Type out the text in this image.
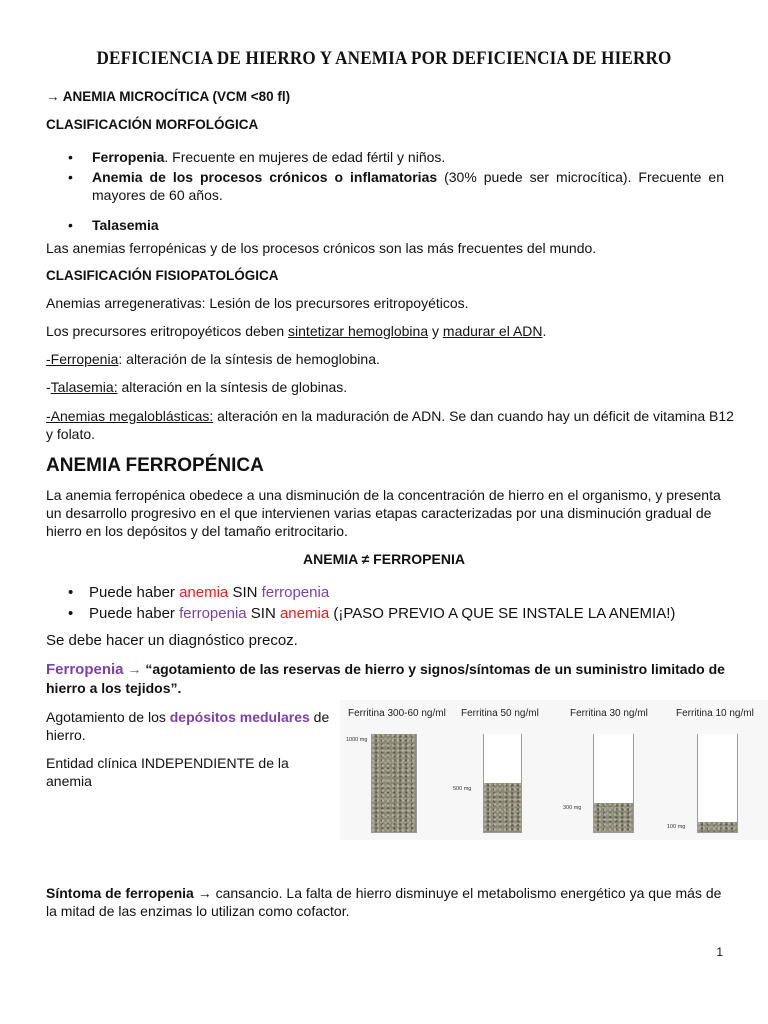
DEFICIENCIA DE HIERRO Y ANEMIA POR DEFICIENCIA DE HIERRO
→ ANEMIA MICROCÍTICA (VCM <80 fl)
CLASIFICACIÓN MORFOLÓGICA
• Ferropenia. Frecuente en mujeres de edad fértil y niños.
• Anemia de los procesos crónicos o inflamatorias (30% puede ser microcítica). Frecuente en mayores de 60 años.
• Talasemia
Las anemias ferropénicas y de los procesos crónicos son las más frecuentes del mundo.
CLASIFICACIÓN FISIOPATOLÓGICA
Anemias arregenerativas: Lesión de los precursores eritropoyéticos.
Los precursores eritropoyéticos deben sintetizar hemoglobina y madurar el ADN.
-Ferropenia: alteración de la síntesis de hemoglobina.
-Talasemia: alteración en la síntesis de globinas.
-Anemias megaloblásticas: alteración en la maduración de ADN. Se dan cuando hay un déficit de vitamina B12 y folato.
ANEMIA FERROPÉNICA
La anemia ferropénica obedece a una disminución de la concentración de hierro en el organismo, y presenta un desarrollo progresivo en el que intervienen varias etapas caracterizadas por una disminución gradual de hierro en los depósitos y del tamaño eritrocitario.
ANEMIA ≠ FERROPENIA
• Puede haber anemia SIN ferropenia
• Puede haber ferropenia SIN anemia (¡PASO PREVIO A QUE SE INSTALE LA ANEMIA!)
Se debe hacer un diagnóstico precoz.
Ferropenia → “agotamiento de las reservas de hierro y signos/síntomas de un suministro limitado de hierro a los tejidos”.
Agotamiento de los depósitos medulares de hierro.
Entidad clínica INDEPENDIENTE de la anemia
Ferritina 300-60 ng/ml Ferritina 50 ng/ml	Ferritina 30 ng/ml	Ferritina 10 ng/ml
1000 mg
500 mg
300 mg
100 mg
Síntoma de ferropenia → cansancio. La falta de hierro disminuye el metabolismo energético ya que más de la mitad de las enzimas lo utilizan como cofactor.
1
